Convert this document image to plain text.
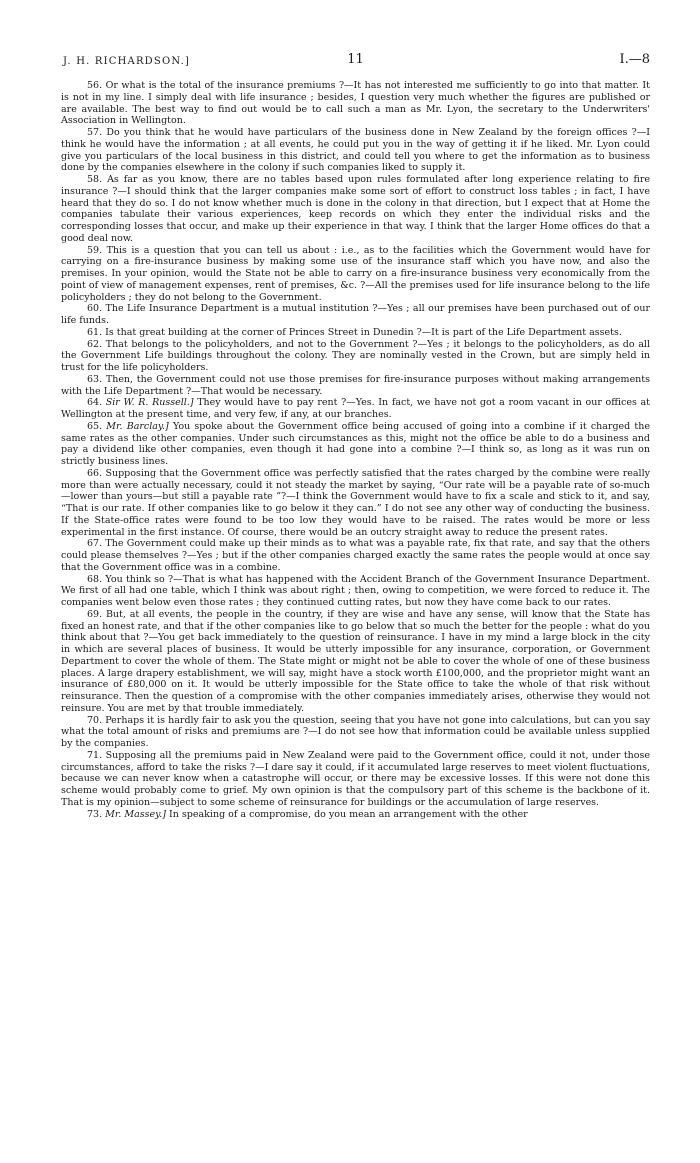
J. H. RICHARDSON.]	11	I.—8

56. Or what is the total of the insurance premiums ?—It has not interested me sufficiently to go into that matter. It is not in my line. I simply deal with life insurance ; besides, I question very much whether the figures are published or are available. The best way to find out would be to call such a man as Mr. Lyon, the secretary to the Underwriters' Association in Wellington.

57. Do you think that he would have particulars of the business done in New Zealand by the foreign offices ?—I think he would have the information ; at all events, he could put you in the way of getting it if he liked. Mr. Lyon could give you particulars of the local business in this district, and could tell you where to get the information as to business done by the companies elsewhere in the colony if such companies liked to supply it.

58. As far as you know, there are no tables based upon rules formulated after long experience relating to fire insurance ?—I should think that the larger companies make some sort of effort to construct loss tables ; in fact, I have heard that they do so. I do not know whether much is done in the colony in that direction, but I expect that at Home the companies tabulate their various experiences, keep records on which they enter the individual risks and the corresponding losses that occur, and make up their experience in that way. I think that the larger Home offices do that a good deal now.

59. This is a question that you can tell us about : i.e., as to the facilities which the Government would have for carrying on a fire-insurance business by making some use of the insurance staff which you have now, and also the premises. In your opinion, would the State not be able to carry on a fire-insurance business very economically from the point of view of management expenses, rent of premises, &c. ?—All the premises used for life insurance belong to the life policyholders ; they do not belong to the Government.

60. The Life Insurance Department is a mutual institution ?—Yes ; all our premises have been purchased out of our life funds.

61. Is that great building at the corner of Princes Street in Dunedin ?—It is part of the Life Department assets.

62. That belongs to the policyholders, and not to the Government ?—Yes ; it belongs to the policyholders, as do all the Government Life buildings throughout the colony. They are nominally vested in the Crown, but are simply held in trust for the life policyholders.

63. Then, the Government could not use those premises for fire-insurance purposes without making arrangements with the Life Department ?—That would be necessary.

64. Sir W. R. Russell.] They would have to pay rent ?—Yes. In fact, we have not got a room vacant in our offices at Wellington at the present time, and very few, if any, at our branches.

65. Mr. Barclay.] You spoke about the Government office being accused of going into a combine if it charged the same rates as the other companies. Under such circumstances as this, might not the office be able to do a business and pay a dividend like other companies, even though it had gone into a combine ?—I think so, as long as it was run on strictly business lines.

66. Supposing that the Government office was perfectly satisfied that the rates charged by the combine were really more than were actually necessary, could it not steady the market by saying, “Our rate will be a payable rate of so-much—lower than yours—but still a payable rate ”?—I think the Government would have to fix a scale and stick to it, and say, “That is our rate. If other companies like to go below it they can.” I do not see any other way of conducting the business. If the State-office rates were found to be too low they would have to be raised. The rates would be more or less experimental in the first instance. Of course, there would be an outcry straight away to reduce the present rates.

67. The Government could make up their minds as to what was a payable rate, fix that rate, and say that the others could please themselves ?—Yes ; but if the other companies charged exactly the same rates the people would at once say that the Government office was in a combine.

68. You think so ?—That is what has happened with the Accident Branch of the Government Insurance Department. We first of all had one table, which I think was about right ; then, owing to competition, we were forced to reduce it. The companies went below even those rates ; they continued cutting rates, but now they have come back to our rates.

69. But, at all events, the people in the country, if they are wise and have any sense, will know that the State has fixed an honest rate, and that if the other companies like to go below that so much the better for the people : what do you think about that ?—You get back immediately to the question of reinsurance. I have in my mind a large block in the city in which are several places of business. It would be utterly impossible for any insurance, corporation, or Government Department to cover the whole of them. The State might or might not be able to cover the whole of one of these business places. A large drapery establishment, we will say, might have a stock worth £100,000, and the proprietor might want an insurance of £80,000 on it. It would be utterly impossible for the State office to take the whole of that risk without reinsurance. Then the question of a compromise with the other companies immediately arises, otherwise they would not reinsure. You are met by that trouble immediately.

70. Perhaps it is hardly fair to ask you the question, seeing that you have not gone into calculations, but can you say what the total amount of risks and premiums are ?—I do not see how that information could be available unless supplied by the companies.

71. Supposing all the premiums paid in New Zealand were paid to the Government office, could it not, under those circumstances, afford to take the risks ?—I dare say it could, if it accumulated large reserves to meet violent fluctuations, because we can never know when a catastrophe will occur, or there may be excessive losses. If this were not done this scheme would probably come to grief. My own opinion is that the compulsory part of this scheme is the backbone of it. That is my opinion—subject to some scheme of reinsurance for buildings or the accumulation of large reserves.

73. Mr. Massey.] In speaking of a compromise, do you mean an arrangement with the other
